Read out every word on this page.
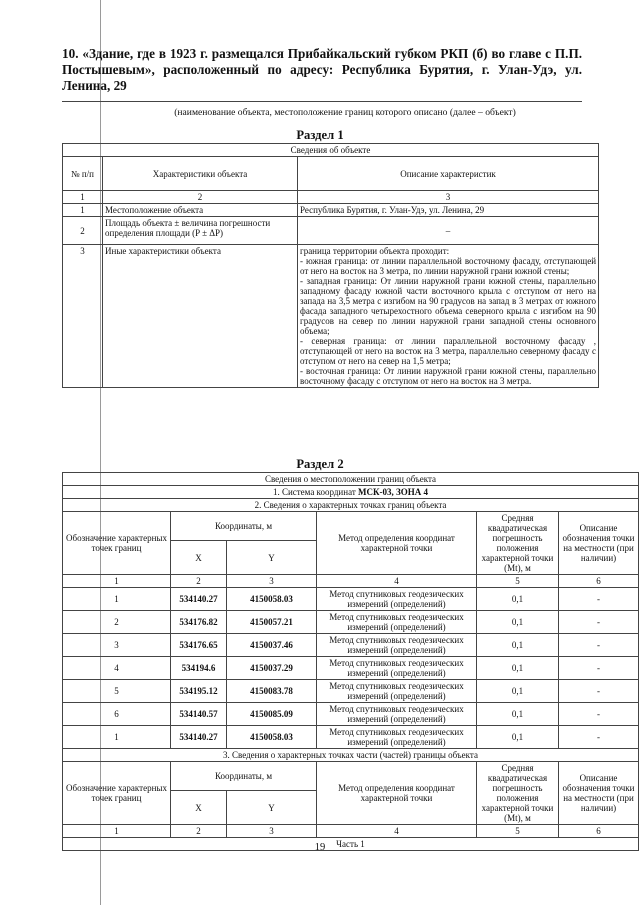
10. «Здание, где в 1923 г. размещался Прибайкальский губком РКП (б) во главе с П.П. Постышевым», расположенный по адресу: Республика Бурятия, г. Улан-Удэ, ул. Ленина, 29
(наименование объекта, местоположение границ которого описано (далее – объект)
Раздел 1
Сведения об объекте		
№ п/п	Характеристики объекта	Описание характеристик
1	2	3
1	Местоположение объекта	Республика Бурятия, г. Улан-Удэ, ул. Ленина, 29
2	Площадь объекта ± величина погрешности определения площади (P ± ΔP)	–
3	Иные характеристики объекта	граница территории объекта проходит:
- южная граница: от линии параллельной восточному фасаду, отступающей от него на восток на 3 метра, по линии наружной грани южной стены;
- западная граница: От линии наружной грани южной стены, параллельно западному фасаду южной части восточного крыла с отступом от него на запада на 3,5 метра с изгибом на 90 градусов на запад в 3 метрах от южного фасада западного четырехостного объема северного крыла с изгибом на 90 градусов на север по линии наружной грани западной стены основного объема;
- северная граница: от линии параллельной восточному фасаду , отступающей от него на восток на 3 метра, параллельно северному фасаду с отступом от него на север на 1,5 метра;
- восточная граница: От линии наружной грани южной стены, параллельно восточному фасаду с отступом от него на восток на 3 метра.
Раздел 2
Сведения о местоположении границ объекта					
1. Система координат МСК-03, ЗОНА 4					
2. Сведения о характерных точках границ объекта					
Обозначение характерных точек границ	Координаты, м		Метод определения координат характерной точки	Средняя квадратическая погрешность положения характерной точки (Мt), м	Описание обозначения точки на местности (при наличии)
	X	Y			
1	2	3	4	5	6
1	534140.27	4150058.03	Метод спутниковых геодезических измерений (определений)	0,1	-
2	534176.82	4150057.21	Метод спутниковых геодезических измерений (определений)	0,1	-
3	534176.65	4150037.46	Метод спутниковых геодезических измерений (определений)	0,1	-
4	534194.6	4150037.29	Метод спутниковых геодезических измерений (определений)	0,1	-
5	534195.12	4150083.78	Метод спутниковых геодезических измерений (определений)	0,1	-
6	534140.57	4150085.09	Метод спутниковых геодезических измерений (определений)	0,1	-
1	534140.27	4150058.03	Метод спутниковых геодезических измерений (определений)	0,1	-
3. Сведения о характерных точках части (частей) границы объекта					
Обозначение характерных точек границ	Координаты, м		Метод определения координат характерной точки	Средняя квадратическая погрешность положения характерной точки (Мt), м	Описание обозначения точки на местности (при наличии)
	X	Y			
1	2	3	4	5	6
Часть 1					
19
